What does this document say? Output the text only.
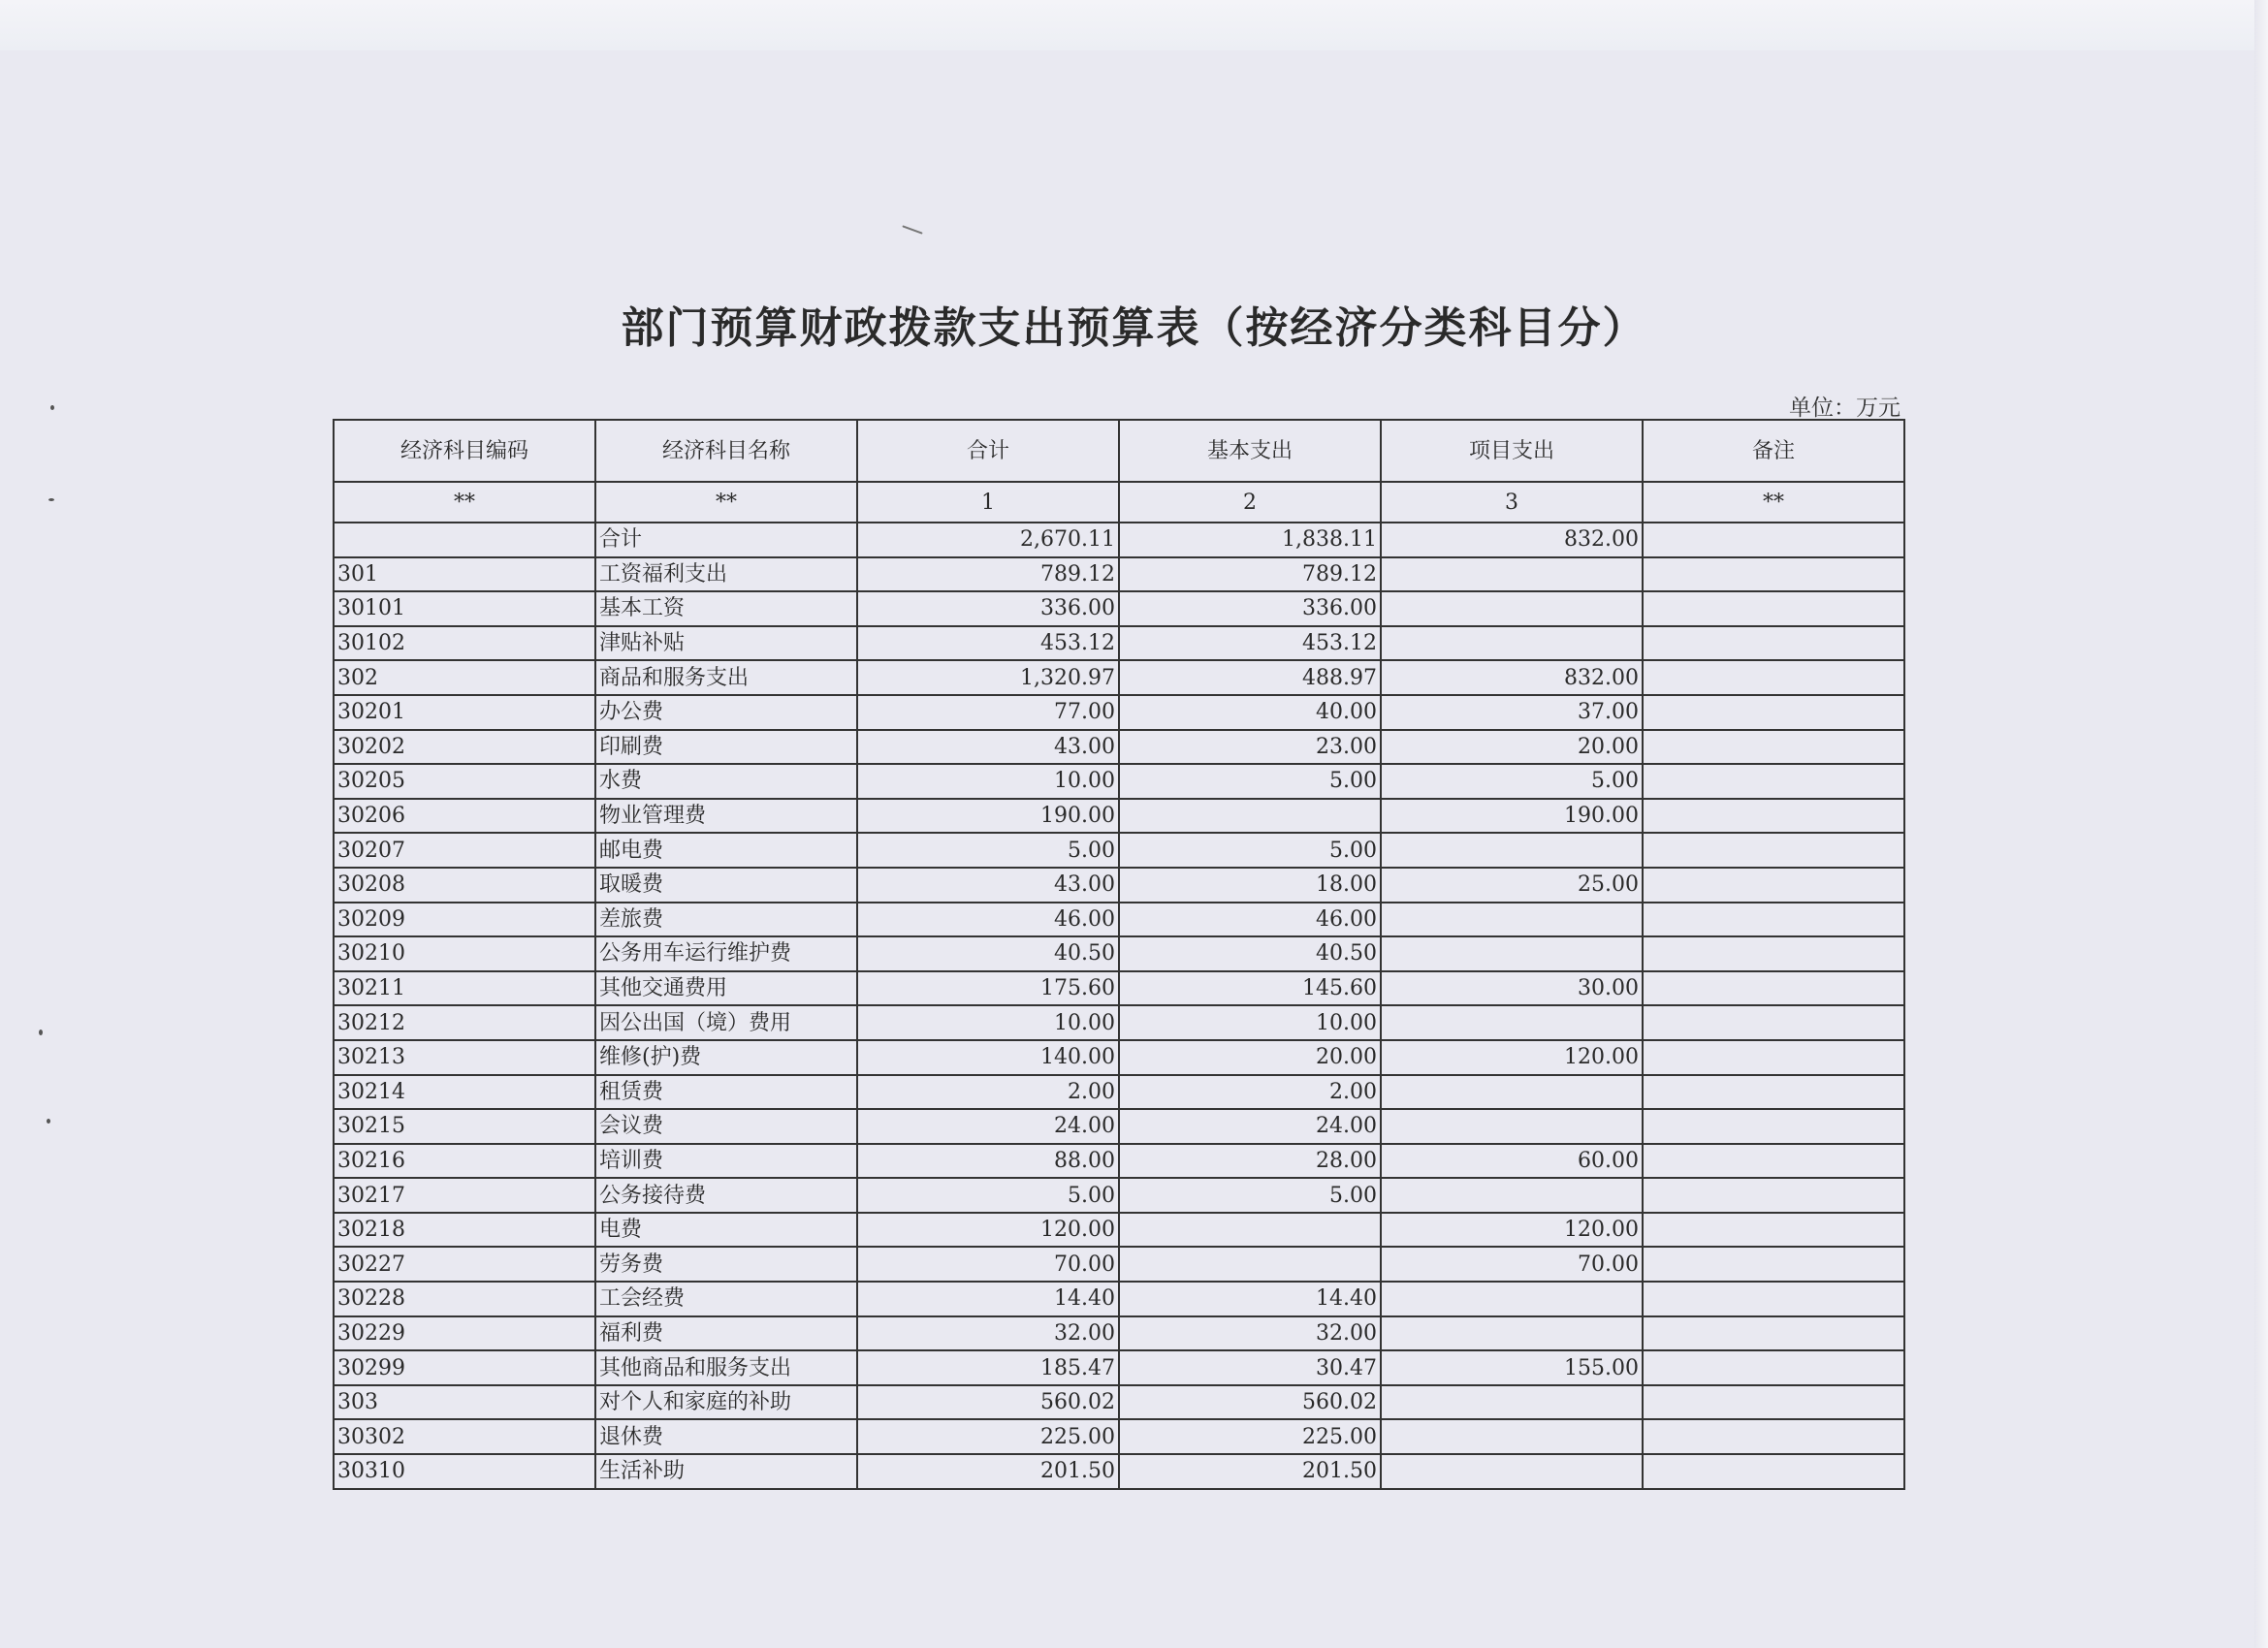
部门预算财政拨款支出预算表（按经济分类科目分）
单位：万元
经济科目编码	经济科目名称	合计	基本支出	项目支出	备注
**	**	1	2	3	**
	合计	2,670.11	1,838.11	832.00	
301	工资福利支出	789.12	789.12		
30101	基本工资	336.00	336.00		
30102	津贴补贴	453.12	453.12		
302	商品和服务支出	1,320.97	488.97	832.00	
30201	办公费	77.00	40.00	37.00	
30202	印刷费	43.00	23.00	20.00	
30205	水费	10.00	5.00	5.00	
30206	物业管理费	190.00		190.00	
30207	邮电费	5.00	5.00		
30208	取暖费	43.00	18.00	25.00	
30209	差旅费	46.00	46.00		
30210	公务用车运行维护费	40.50	40.50		
30211	其他交通费用	175.60	145.60	30.00	
30212	因公出国（境）费用	10.00	10.00		
30213	维修(护)费	140.00	20.00	120.00	
30214	租赁费	2.00	2.00		
30215	会议费	24.00	24.00		
30216	培训费	88.00	28.00	60.00	
30217	公务接待费	5.00	5.00		
30218	电费	120.00		120.00	
30227	劳务费	70.00		70.00	
30228	工会经费	14.40	14.40		
30229	福利费	32.00	32.00		
30299	其他商品和服务支出	185.47	30.47	155.00	
303	对个人和家庭的补助	560.02	560.02		
30302	退休费	225.00	225.00		
30310	生活补助	201.50	201.50		
